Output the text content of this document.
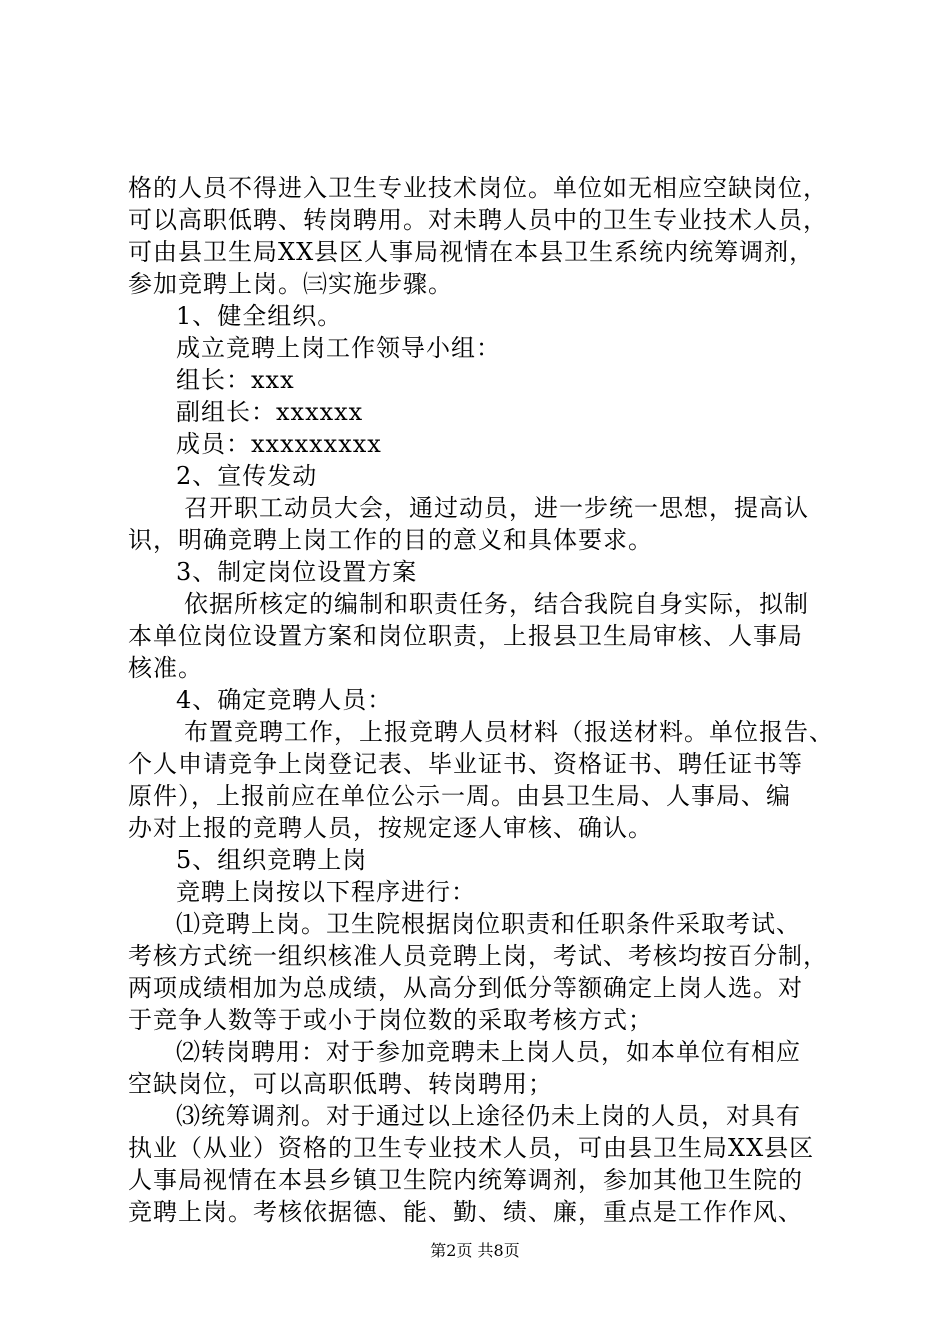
格的人员不得进入卫生专业技术岗位。单位如无相应空缺岗位，
可以高职低聘、转岗聘用。对未聘人员中的卫生专业技术人员，
可由县卫生局XX县区人事局视情在本县卫生系统内统筹调剂，
参加竞聘上岗。㈢实施步骤。
1、健全组织。
成立竞聘上岗工作领导小组：
组长：xxx
副组长：xxxxxx
成员：xxxxxxxxx
2、宣传发动
召开职工动员大会，通过动员，进一步统一思想，提高认
识，明确竞聘上岗工作的目的意义和具体要求。
3、制定岗位设置方案
依据所核定的编制和职责任务，结合我院自身实际，拟制
本单位岗位设置方案和岗位职责，上报县卫生局审核、人事局
核准。
4、确定竞聘人员：
布置竞聘工作，上报竞聘人员材料（报送材料。单位报告、
个人申请竞争上岗登记表、毕业证书、资格证书、聘任证书等
原件），上报前应在单位公示一周。由县卫生局、人事局、编
办对上报的竞聘人员，按规定逐人审核、确认。
5、组织竞聘上岗
竞聘上岗按以下程序进行：
⑴竞聘上岗。卫生院根据岗位职责和任职条件采取考试、
考核方式统一组织核准人员竞聘上岗，考试、考核均按百分制，
两项成绩相加为总成绩，从高分到低分等额确定上岗人选。对
于竞争人数等于或小于岗位数的采取考核方式；
⑵转岗聘用：对于参加竞聘未上岗人员，如本单位有相应
空缺岗位，可以高职低聘、转岗聘用；
⑶统筹调剂。对于通过以上途径仍未上岗的人员，对具有
执业（从业）资格的卫生专业技术人员，可由县卫生局XX县区
人事局视情在本县乡镇卫生院内统筹调剂，参加其他卫生院的
竞聘上岗。考核依据德、能、勤、绩、廉，重点是工作作风、
第2页 共8页
